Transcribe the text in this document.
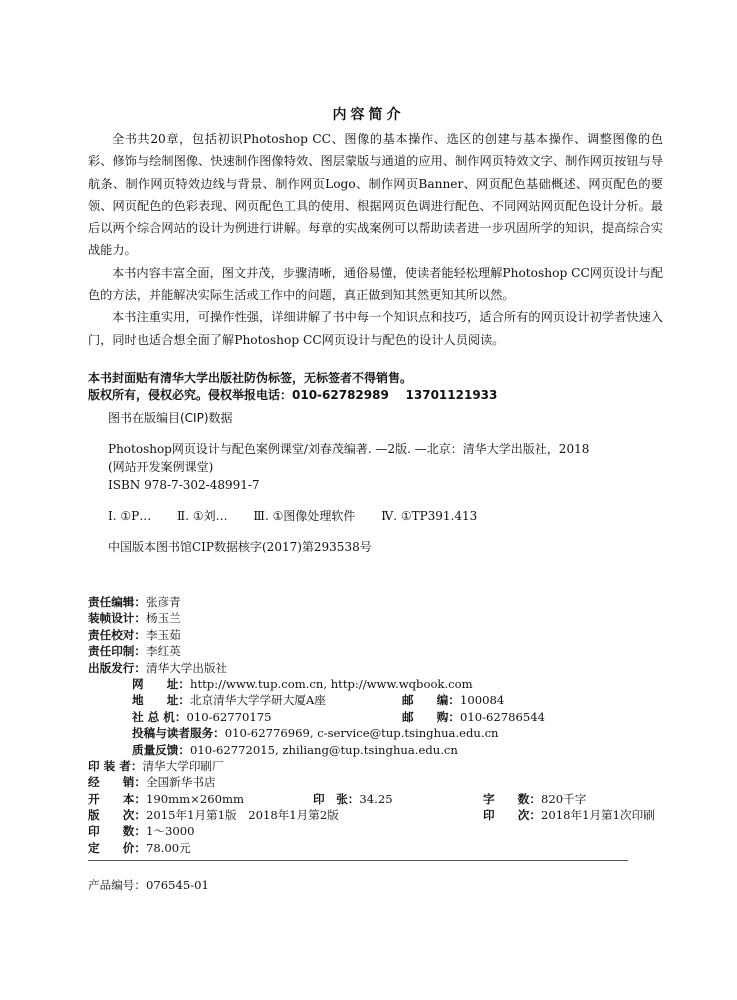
内容简介

全书共20章，包括初识Photoshop CC、图像的基本操作、选区的创建与基本操作、调整图像的色彩、修饰与绘制图像、快速制作图像特效、图层蒙版与通道的应用、制作网页特效文字、制作网页按钮与导航条、制作网页特效边线与背景、制作网页Logo、制作网页Banner、网页配色基础概述、网页配色的要领、网页配色的色彩表现、网页配色工具的使用、根据网页色调进行配色、不同网站网页配色设计分析。最后以两个综合网站的设计为例进行讲解。每章的实战案例可以帮助读者进一步巩固所学的知识，提高综合实战能力。

本书内容丰富全面，图文并茂，步骤清晰，通俗易懂，使读者能轻松理解Photoshop CC网页设计与配色的方法，并能解决实际生活或工作中的问题，真正做到知其然更知其所以然。

本书注重实用，可操作性强，详细讲解了书中每一个知识点和技巧，适合所有的网页设计初学者快速入门，同时也适合想全面了解Photoshop CC网页设计与配色的设计人员阅读。

本书封面贴有清华大学出版社防伪标签，无标签者不得销售。
版权所有，侵权必究。侵权举报电话：010-62782989    13701121933
图书在版编目(CIP)数据
Photoshop网页设计与配色案例课堂/刘春茂编著. —2版. —北京：清华大学出版社，2018
(网站开发案例课堂)
ISBN 978-7-302-48991-7
Ⅰ. ①P… Ⅱ. ①刘… Ⅲ. ①图像处理软件 Ⅳ. ①TP391.413
中国版本图书馆CIP数据核字(2017)第293538号
责任编辑：张彦青
装帧设计：杨玉兰
责任校对：李玉茹
责任印制：李红英
出版发行：清华大学出版社
网　　址：http://www.tup.com.cn, http://www.wqbook.com
地　　址：北京清华大学学研大厦A座	邮　　编：100084
社 总 机：010-62770175	邮　　购：010-62786544
投稿与读者服务：010-62776969, c-service@tup.tsinghua.edu.cn
质量反馈：010-62772015, zhiliang@tup.tsinghua.edu.cn
印 装 者：清华大学印刷厂
经　　销：全国新华书店
开　　本：190mm×260mm	印　张：34.25	字　　数：820千字
版　　次：2015年1月第1版　2018年1月第2版	印　　次：2018年1月第1次印刷
印　　数：1～3000
定　　价：78.00元
产品编号：076545-01
